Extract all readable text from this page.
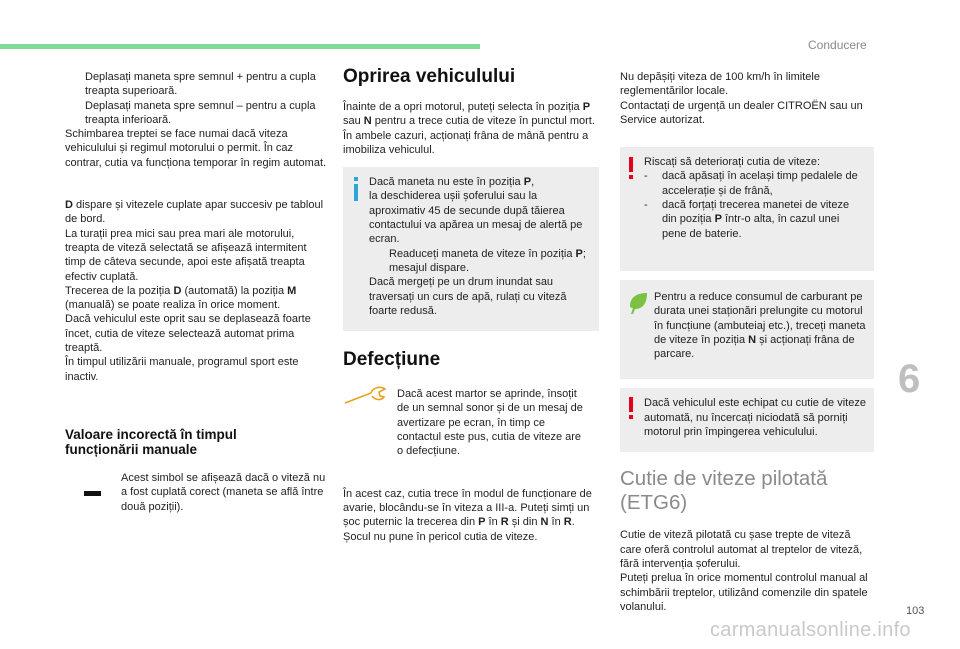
Conducere
Deplasați maneta spre semnul + pentru a cupla treapta superioară.
Deplasați maneta spre semnul – pentru a cupla treapta inferioară.

Schimbarea treptei se face numai dacă viteza vehiculului și regimul motorului o permit. În caz contrar, cutia va funcționa temporar în regim automat.

D dispare și vitezele cuplate apar succesiv pe tabloul de bord.

La turații prea mici sau prea mari ale motorului, treapta de viteză selectată se afișează intermitent timp de câteva secunde, apoi este afișată treapta efectiv cuplată.

Trecerea de la poziția D (automată) la poziția M (manuală) se poate realiza în orice moment.

Dacă vehiculul este oprit sau se deplasează foarte încet, cutia de viteze selectează automat prima treaptă.

În timpul utilizării manuale, programul sport este inactiv.

Valoare incorectă în timpul
funcționării manuale
Acest simbol se afișează dacă o viteză nu a fost cuplată corect (maneta se află între două poziții).
Oprirea vehiculului

Înainte de a opri motorul, puteți selecta în poziția P sau N pentru a trece cutia de viteze în punctul mort.

În ambele cazuri, acționați frâna de mână pentru a imobiliza vehiculul.

Dacă maneta nu este în poziția P,

la deschiderea ușii șoferului sau la aproximativ 45 de secunde după tăierea contactului va apărea un mesaj de alertă pe ecran.

Readuceți maneta de viteze în poziția P; mesajul dispare.

Dacă mergeți pe un drum inundat sau traversați un curs de apă, rulați cu viteză foarte redusă.

Defecțiune
Dacă acest martor se aprinde, însoțit de un semnal sonor și de un mesaj de avertizare pe ecran, în timp ce contactul este pus, cutia de viteze are o defecțiune.

În acest caz, cutia trece în modul de funcționare de avarie, blocându-se în viteza a III-a. Puteți simți un șoc puternic la trecerea din P în R și din N în R. Șocul nu pune în pericol cutia de viteze.

Nu depășiți viteza de 100 km/h în limitele reglementărilor locale.

Contactați de urgență un dealer CITROËN sau un Service autorizat.

Riscați să deteriorați cutia de viteze:

-	dacă apăsați în același timp pedalele de accelerație și de frână,
-	dacă forțați trecerea manetei de viteze din poziția P într-o alta, în cazul unei pene de baterie.

Pentru a reduce consumul de carburant pe durata unei staționări prelungite cu motorul în funcțiune (ambuteiaj etc.), treceți maneta de viteze în poziția N și acționați frâna de parcare.

Dacă vehiculul este echipat cu cutie de viteze automată, nu încercați niciodată să porniți motorul prin împingerea vehiculului.

Cutie de viteze pilotată
(ETG6)

Cutie de viteză pilotată cu șase trepte de viteză care oferă controlul automat al treptelor de viteză, fără intervenția șoferului.

Puteți prelua în orice momentul controlul manual al schimbării treptelor, utilizând comenzile din spatele volanului.

6
103
carmanualsonline.info
